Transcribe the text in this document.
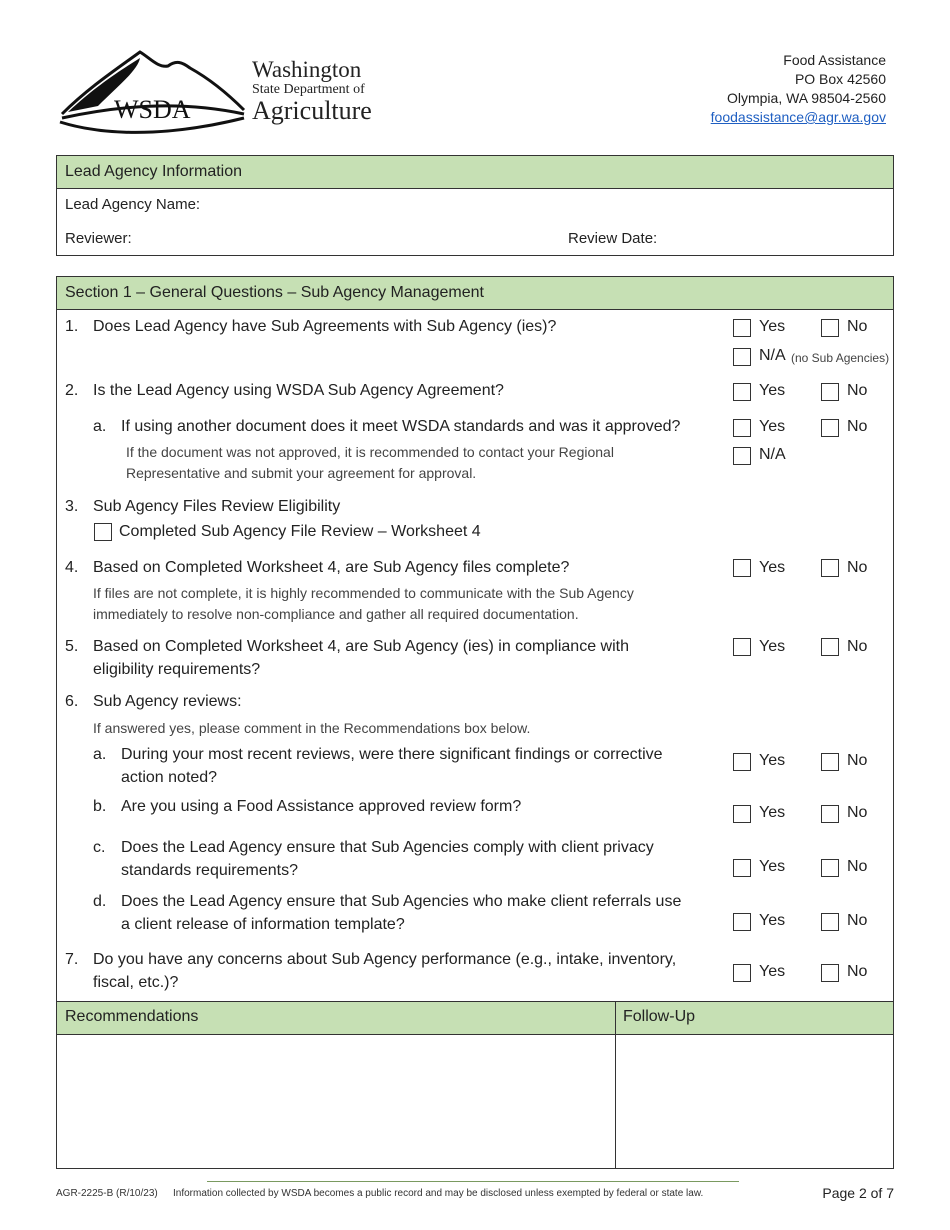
WSDA
Washington
State Department of
Agriculture
Food Assistance
PO Box 42560
Olympia, WA 98504-2560
foodassistance@agr.wa.gov
Lead Agency Information
Lead Agency Name:
Reviewer:	Review Date:
Section 1 – General Questions – Sub Agency Management
1. Does Lead Agency have Sub Agreements with Sub Agency (ies)?	Yes	No
N/A (no Sub Agencies)
2. Is the Lead Agency using WSDA Sub Agency Agreement?	Yes	No
a. If using another document does it meet WSDA standards and was it approved?
If the document was not approved, it is recommended to contact your Regional
Representative and submit your agreement for approval.
Yes	No
N/A
3. Sub Agency Files Review Eligibility
Completed Sub Agency File Review – Worksheet 4
4. Based on Completed Worksheet 4, are Sub Agency files complete?
If files are not complete, it is highly recommended to communicate with the Sub Agency
immediately to resolve non-compliance and gather all required documentation.
Yes	No
5. Based on Completed Worksheet 4, are Sub Agency (ies) in compliance with
eligibility requirements?
Yes	No
6. Sub Agency reviews:
If answered yes, please comment in the Recommendations box below.
a. During your most recent reviews, were there significant findings or corrective
action noted?
Yes	No
b. Are you using a Food Assistance approved review form?	Yes	No
c. Does the Lead Agency ensure that Sub Agencies comply with client privacy
standards requirements?	Yes	No
d. Does the Lead Agency ensure that Sub Agencies who make client referrals use
a client release of information template?	Yes	No
7. Do you have any concerns about Sub Agency performance (e.g., intake, inventory,
fiscal, etc.)?
Yes	No
Recommendations	Follow-Up
AGR-2225-B (R/10/23) Information collected by WSDA becomes a public record and may be disclosed unless exempted by federal or state law.	Page 2 of 7
